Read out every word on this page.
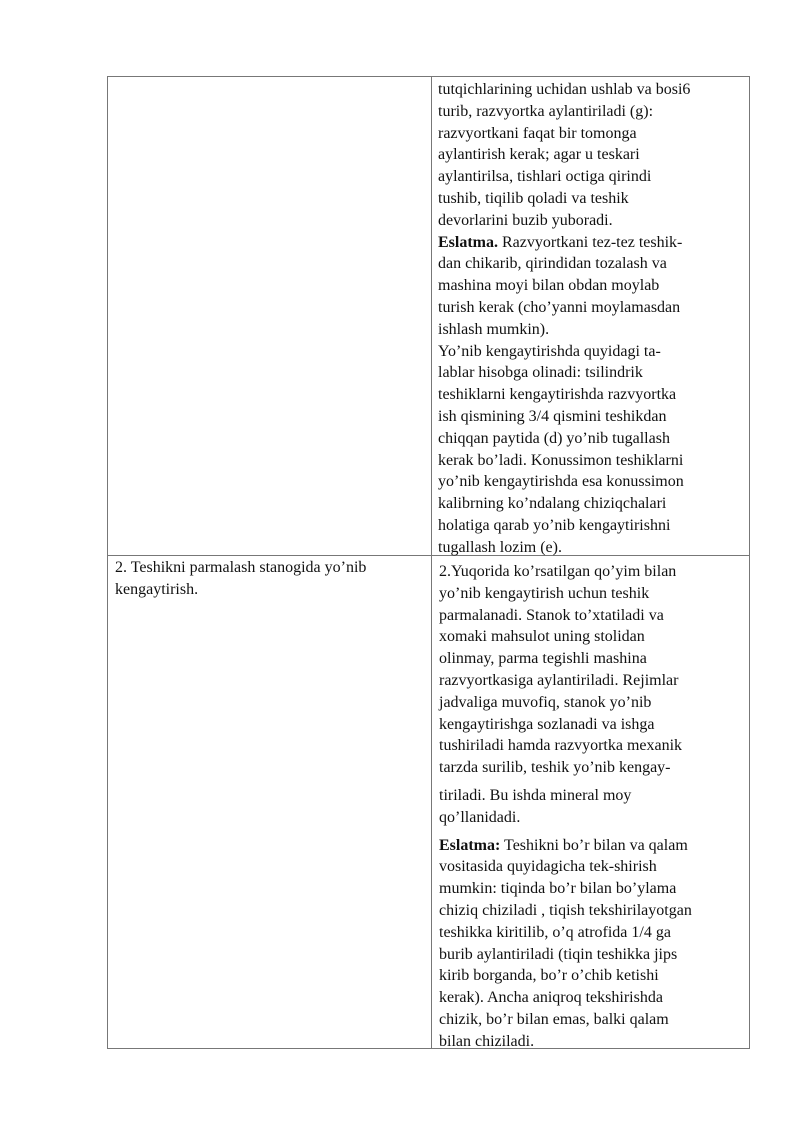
tutqichlarining uchidan ushlab va bosi6
turib, razvyortka aylantiriladi (g):
razvyortkani faqat bir tomonga
aylantirish kerak; agar u teskari
aylantirilsa, tishlari octiga qirindi
tushib, tiqilib qoladi va teshik
devorlarini buzib yuboradi.
Eslatma. Razvyortkani tez-tez teshik-
dan chikarib, qirindidan tozalash va
mashina moyi bilan obdan moylab
turish kerak (cho’yanni moylamasdan
ishlash mumkin).
Yo’nib kengaytirishda quyidagi ta-
lablar hisobga olinadi: tsilindrik
teshiklarni kengaytirishda razvyortka
ish qismining 3/4 qismini teshikdan
chiqqan paytida (d) yo’nib tugallash
kerak bo’ladi. Konussimon teshiklarni
yo’nib kengaytirishda esa konussimon
kalibrning ko’ndalang chiziqchalari
holatiga qarab yo’nib kengaytirishni
tugallash lozim (e).
2. Teshikni parmalash stanogida yo’nib
kengaytirish.
2.Yuqorida ko’rsatilgan qo’yim bilan
yo’nib kengaytirish uchun teshik
parmalanadi. Stanok to’xtatiladi va
xomaki mahsulot uning stolidan
olinmay, parma tegishli mashina
razvyortkasiga aylantiriladi. Rejimlar
jadvaliga muvofiq, stanok yo’nib
kengaytirishga sozlanadi va ishga
tushiriladi hamda razvyortka mexanik
tarzda surilib, teshik yo’nib kengay-
tiriladi. Bu ishda mineral moy
qo’llanidadi.
Eslatma: Teshikni bo’r bilan va qalam
vositasida quyidagicha tek-shirish
mumkin: tiqinda bo’r bilan bo’ylama
chiziq chiziladi , tiqish tekshirilayotgan
teshikka kiritilib, o’q atrofida 1/4 ga
burib aylantiriladi (tiqin teshikka jips
kirib borganda, bo’r o’chib ketishi
kerak). Ancha aniqroq tekshirishda
chizik, bo’r bilan emas, balki qalam
bilan chiziladi.
